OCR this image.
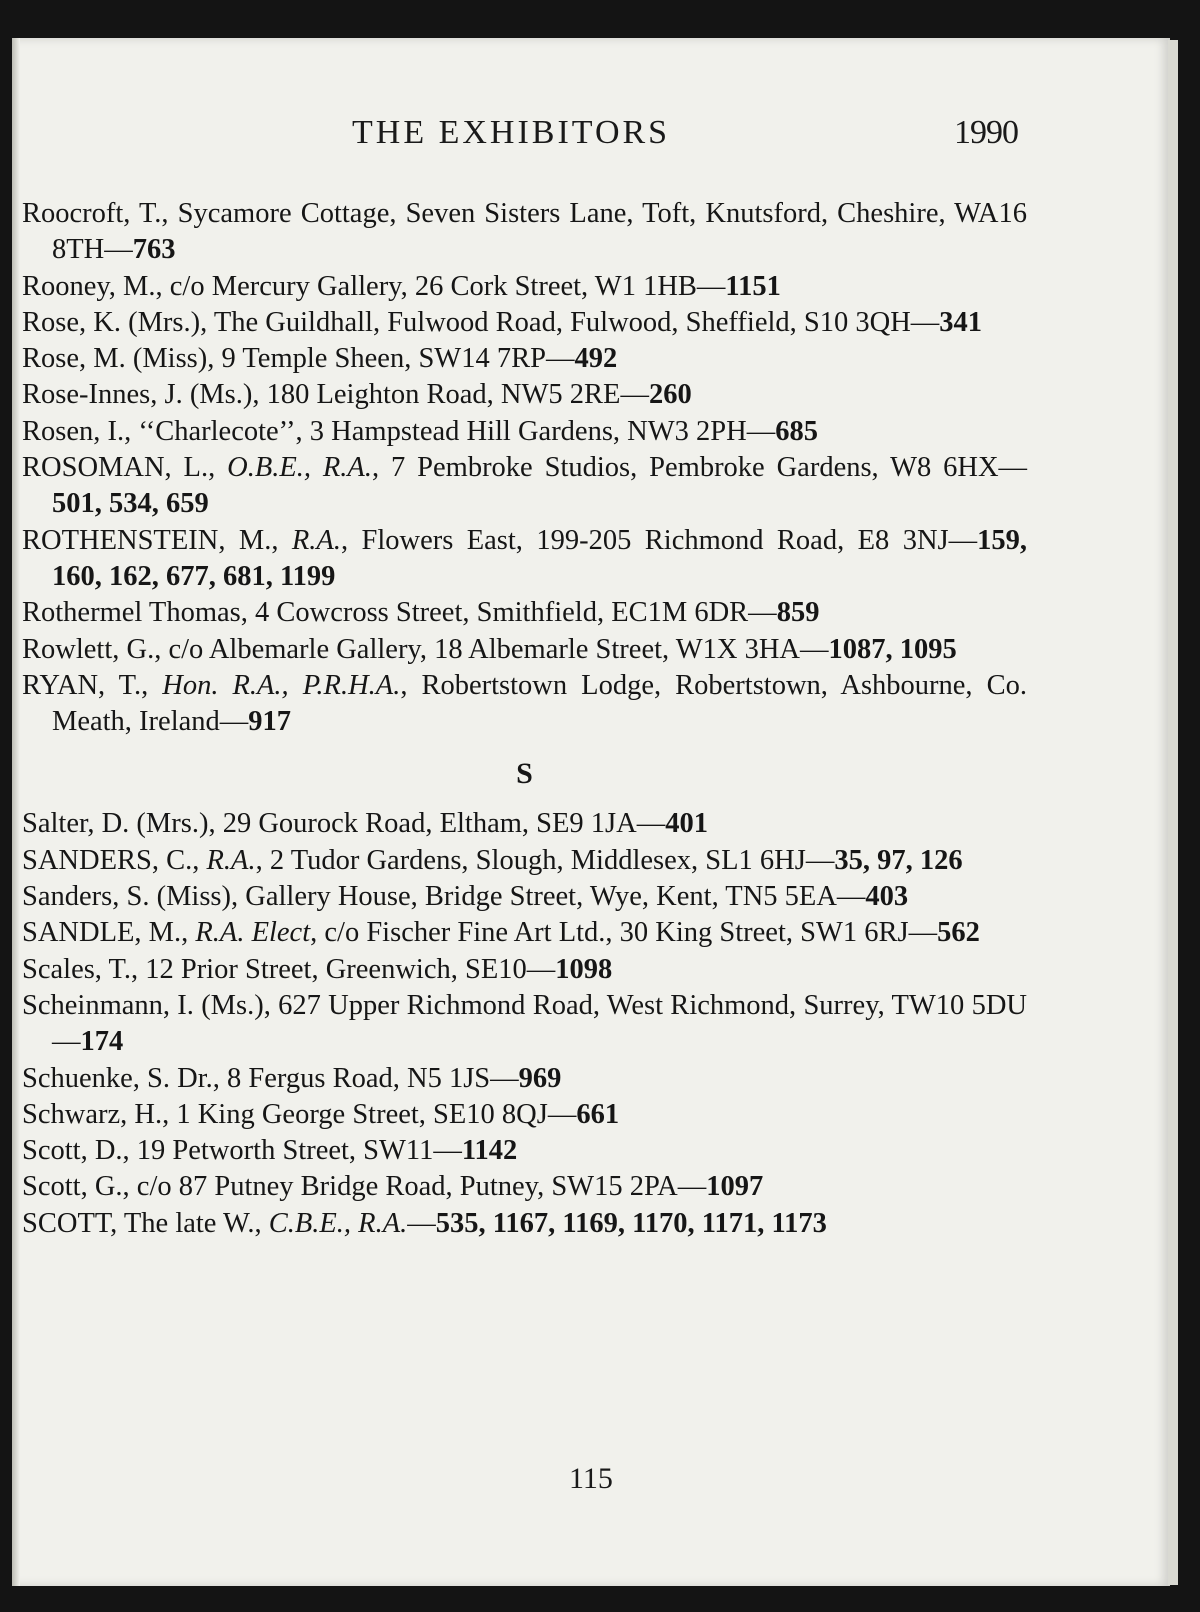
THE EXHIBITORS	1990
Roocroft, T., Sycamore Cottage, Seven Sisters Lane, Toft, Knutsford, Cheshire, WA16 8TH—763
Rooney, M., c/o Mercury Gallery, 26 Cork Street, W1 1HB—1151
Rose, K. (Mrs.), The Guildhall, Fulwood Road, Fulwood, Sheffield, S10 3QH—341
Rose, M. (Miss), 9 Temple Sheen, SW14 7RP—492
Rose-Innes, J. (Ms.), 180 Leighton Road, NW5 2RE—260
Rosen, I., ‘‘Charlecote’’, 3 Hampstead Hill Gardens, NW3 2PH—685
ROSOMAN, L., O.B.E., R.A., 7 Pembroke Studios, Pembroke Gardens, W8 6HX—501, 534, 659
ROTHENSTEIN, M., R.A., Flowers East, 199-205 Richmond Road, E8 3NJ—159, 160, 162, 677, 681, 1199
Rothermel Thomas, 4 Cowcross Street, Smithfield, EC1M 6DR—859
Rowlett, G., c/o Albemarle Gallery, 18 Albemarle Street, W1X 3HA—1087, 1095
RYAN, T., Hon. R.A., P.R.H.A., Robertstown Lodge, Robertstown, Ashbourne, Co. Meath, Ireland—917
S
Salter, D. (Mrs.), 29 Gourock Road, Eltham, SE9 1JA—401
SANDERS, C., R.A., 2 Tudor Gardens, Slough, Middlesex, SL1 6HJ—35, 97, 126
Sanders, S. (Miss), Gallery House, Bridge Street, Wye, Kent, TN5 5EA—403
SANDLE, M., R.A. Elect, c/o Fischer Fine Art Ltd., 30 King Street, SW1 6RJ—562
Scales, T., 12 Prior Street, Greenwich, SE10—1098
Scheinmann, I. (Ms.), 627 Upper Richmond Road, West Richmond, Surrey, TW10 5DU—174
Schuenke, S. Dr., 8 Fergus Road, N5 1JS—969
Schwarz, H., 1 King George Street, SE10 8QJ—661
Scott, D., 19 Petworth Street, SW11—1142
Scott, G., c/o 87 Putney Bridge Road, Putney, SW15 2PA—1097
SCOTT, The late W., C.B.E., R.A.—535, 1167, 1169, 1170, 1171, 1173
115
